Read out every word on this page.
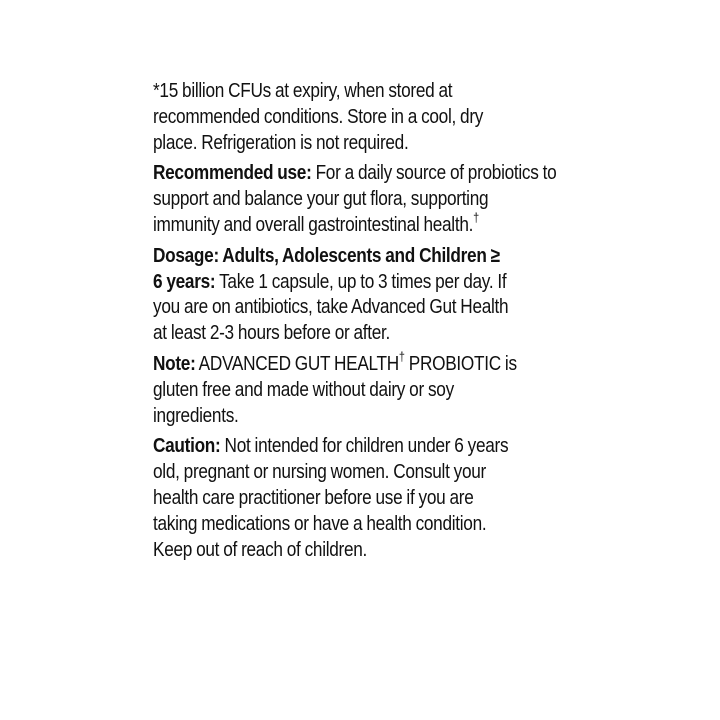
*15 billion CFUs at expiry, when stored at
recommended conditions. Store in a cool, dry
place. Refrigeration is not required.

Recommended use: For a daily source of probiotics to
support and balance your gut flora, supporting
immunity and overall gastrointestinal health.†

Dosage: Adults, Adolescents and Children ≥
6 years: Take 1 capsule, up to 3 times per day. If
you are on antibiotics, take Advanced Gut Health
at least 2-3 hours before or after.

Note: ADVANCED GUT HEALTH† PROBIOTIC is
gluten free and made without dairy or soy
ingredients.

Caution: Not intended for children under 6 years
old, pregnant or nursing women. Consult your
health care practitioner before use if you are
taking medications or have a health condition.
Keep out of reach of children.
